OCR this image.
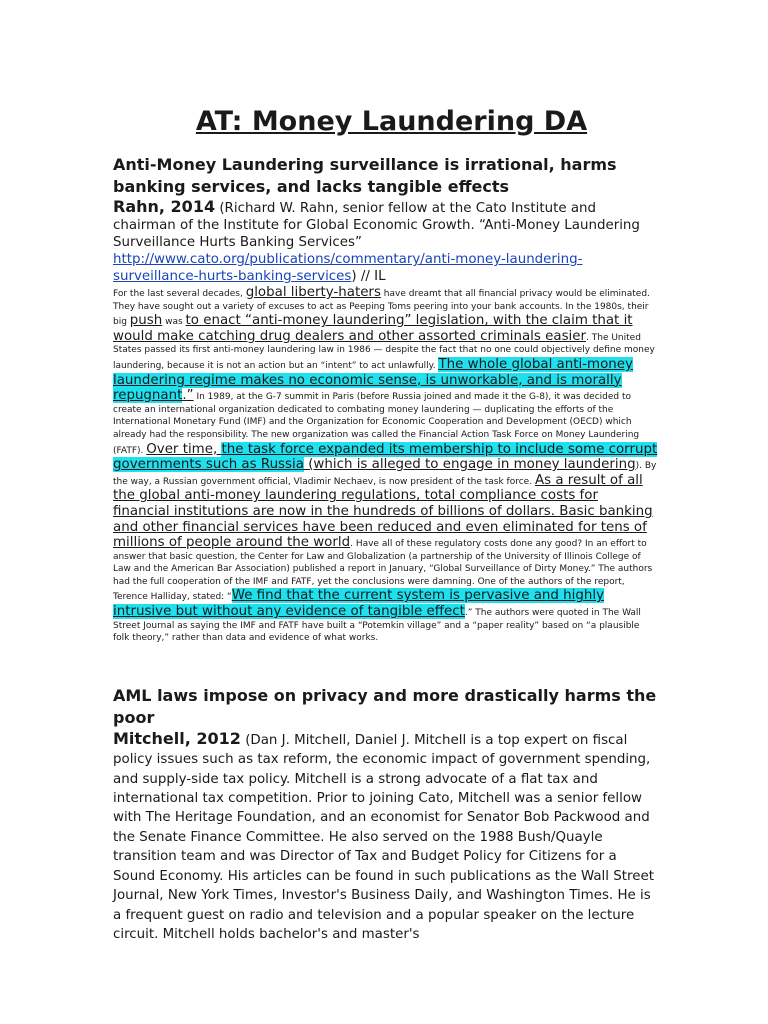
AT: Money Laundering DA

Anti-Money Laundering surveillance is irrational, harms banking services, and lacks tangible effects

Rahn, 2014 (Richard W. Rahn, senior fellow at the Cato Institute and chairman of the Institute for Global Economic Growth. “Anti-Money Laundering Surveillance Hurts Banking Services” http://www.cato.org/publications/commentary/anti-money-laundering-surveillance-hurts-banking-services) // IL

For the last several decades, global liberty-haters have dreamt that all financial privacy would be eliminated. They have sought out a variety of excuses to act as Peeping Toms peering into your bank accounts. In the 1980s, their big push was to enact “anti-money laundering” legislation, with the claim that it would make catching drug dealers and other assorted criminals easier. The United States passed its first anti-money laundering law in 1986 — despite the fact that no one could objectively define money laundering, because it is not an action but an “intent” to act unlawfully. The whole global anti-money laundering regime makes no economic sense, is unworkable, and is morally repugnant.” In 1989, at the G-7 summit in Paris (before Russia joined and made it the G-8), it was decided to create an international organization dedicated to combating money laundering — duplicating the efforts of the International Monetary Fund (IMF) and the Organization for Economic Cooperation and Development (OECD) which already had the responsibility. The new organization was called the Financial Action Task Force on Money Laundering (FATF). Over time, the task force expanded its membership to include some corrupt governments such as Russia (which is alleged to engage in money laundering). By the way, a Russian government official, Vladimir Nechaev, is now president of the task force. As a result of all the global anti-money laundering regulations, total compliance costs for financial institutions are now in the hundreds of billions of dollars. Basic banking and other financial services have been reduced and even eliminated for tens of millions of people around the world. Have all of these regulatory costs done any good? In an effort to answer that basic question, the Center for Law and Globalization (a partnership of the University of Illinois College of Law and the American Bar Association) published a report in January, “Global Surveillance of Dirty Money.” The authors had the full cooperation of the IMF and FATF, yet the conclusions were damning. One of the authors of the report, Terence Halliday, stated: “We find that the current system is pervasive and highly intrusive but without any evidence of tangible effect.” The authors were quoted in The Wall Street Journal as saying the IMF and FATF have built a “Potemkin village” and a “paper reality” based on “a plausible folk theory,” rather than data and evidence of what works.

AML laws impose on privacy and more drastically harms the poor

Mitchell, 2012 (Dan J. Mitchell, Daniel J. Mitchell is a top expert on fiscal policy issues such as tax reform, the economic impact of government spending, and supply-side tax policy. Mitchell is a strong advocate of a flat tax and international tax competition. Prior to joining Cato, Mitchell was a senior fellow with The Heritage Foundation, and an economist for Senator Bob Packwood and the Senate Finance Committee. He also served on the 1988 Bush/Quayle transition team and was Director of Tax and Budget Policy for Citizens for a Sound Economy. His articles can be found in such publications as the Wall Street Journal, New York Times, Investor's Business Daily, and Washington Times. He is a frequent guest on radio and television and a popular speaker on the lecture circuit. Mitchell holds bachelor's and master's
